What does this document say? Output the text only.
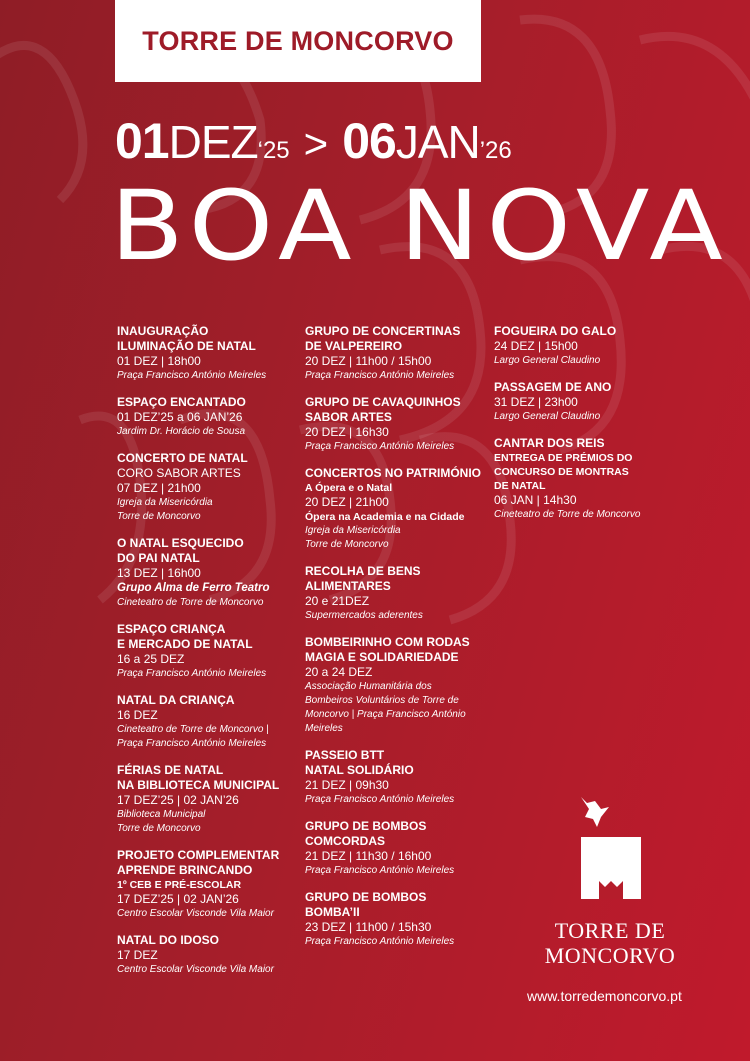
TORRE DE MONCORVO
01DEZ‘25 > 06JAN’26
BOA NOVA
INAUGURAÇÃO
ILUMINAÇÃO DE NATAL
01 DEZ | 18h00
Praça Francisco António Meireles
ESPAÇO ENCANTADO
01 DEZ’25 a 06 JAN’26
Jardim Dr. Horácio de Sousa
CONCERTO DE NATAL
CORO SABOR ARTES
07 DEZ | 21h00
Igreja da Misericórdia
Torre de Moncorvo
O NATAL ESQUECIDO
DO PAI NATAL
13 DEZ | 16h00
Grupo Alma de Ferro Teatro
Cineteatro de Torre de Moncorvo
ESPAÇO CRIANÇA
E MERCADO DE NATAL
16 a 25 DEZ
Praça Francisco António Meireles
NATAL DA CRIANÇA
16 DEZ
Cineteatro de Torre de Moncorvo |
Praça Francisco António Meireles
FÉRIAS DE NATAL
NA BIBLIOTECA MUNICIPAL
17 DEZ’25 | 02 JAN’26
Biblioteca Municipal
Torre de Moncorvo
PROJETO COMPLEMENTAR
APRENDE BRINCANDO
1º CEB E PRÉ-ESCOLAR
17 DEZ’25 | 02 JAN’26
Centro Escolar Visconde Vila Maior
NATAL DO IDOSO
17 DEZ
Centro Escolar Visconde Vila Maior
GRUPO DE CONCERTINAS
DE VALPEREIRO
20 DEZ | 11h00 / 15h00
Praça Francisco António Meireles
GRUPO DE CAVAQUINHOS
SABOR ARTES
20 DEZ | 16h30
Praça Francisco António Meireles
CONCERTOS NO PATRIMÓNIO
A Ópera e o Natal
20 DEZ | 21h00
Ópera na Academia e na Cidade
Igreja da Misericórdia
Torre de Moncorvo
RECOLHA DE BENS
ALIMENTARES
20 e 21DEZ
Supermercados aderentes
BOMBEIRINHO COM RODAS
MAGIA E SOLIDARIEDADE
20 a 24 DEZ
Associação Humanitária dos
Bombeiros Voluntários de Torre de
Moncorvo | Praça Francisco António
Meireles
PASSEIO BTT
NATAL SOLIDÁRIO
21 DEZ | 09h30
Praça Francisco António Meireles
GRUPO DE BOMBOS
COMCORDAS
21 DEZ | 11h30 / 16h00
Praça Francisco António Meireles
GRUPO DE BOMBOS
BOMBA’II
23 DEZ | 11h00 / 15h30
Praça Francisco António Meireles
FOGUEIRA DO GALO
24 DEZ | 15h00
Largo General Claudino
PASSAGEM DE ANO
31 DEZ | 23h00
Largo General Claudino
CANTAR DOS REIS
ENTREGA DE PRÉMIOS DO
CONCURSO DE MONTRAS
DE NATAL
06 JAN | 14h30
Cineteatro de Torre de Moncorvo
TORRE DE
MONCORVO
www.torredemoncorvo.pt
